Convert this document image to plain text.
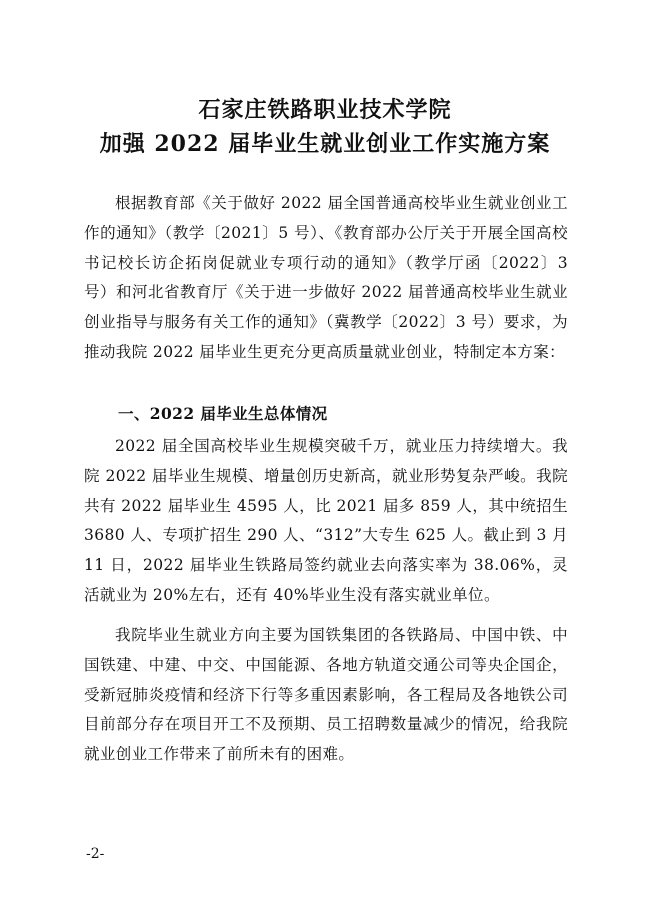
石家庄铁路职业技术学院
加强 2022 届毕业生就业创业工作实施方案

根据教育部《关于做好 2022 届全国普通高校毕业生就业创业工作的通知》（教学〔2021〕5 号）、《教育部办公厅关于开展全国高校书记校长访企拓岗促就业专项行动的通知》（教学厅函〔2022〕3 号）和河北省教育厅《关于进一步做好 2022 届普通高校毕业生就业创业指导与服务有关工作的通知》（冀教学〔2022〕3 号）要求，为推动我院 2022 届毕业生更充分更高质量就业创业，特制定本方案：

一、2022 届毕业生总体情况

2022 届全国高校毕业生规模突破千万，就业压力持续增大。我院 2022 届毕业生规模、增量创历史新高，就业形势复杂严峻。我院共有 2022 届毕业生 4595 人，比 2021 届多 859 人，其中统招生 3680 人、专项扩招生 290 人、“312”大专生 625 人。截止到 3 月 11 日，2022 届毕业生铁路局签约就业去向落实率为 38.06%，灵活就业为 20%左右，还有 40%毕业生没有落实就业单位。

我院毕业生就业方向主要为国铁集团的各铁路局、中国中铁、中国铁建、中建、中交、中国能源、各地方轨道交通公司等央企国企，受新冠肺炎疫情和经济下行等多重因素影响，各工程局及各地铁公司目前部分存在项目开工不及预期、员工招聘数量减少的情况，给我院就业创业工作带来了前所未有的困难。

-2-
